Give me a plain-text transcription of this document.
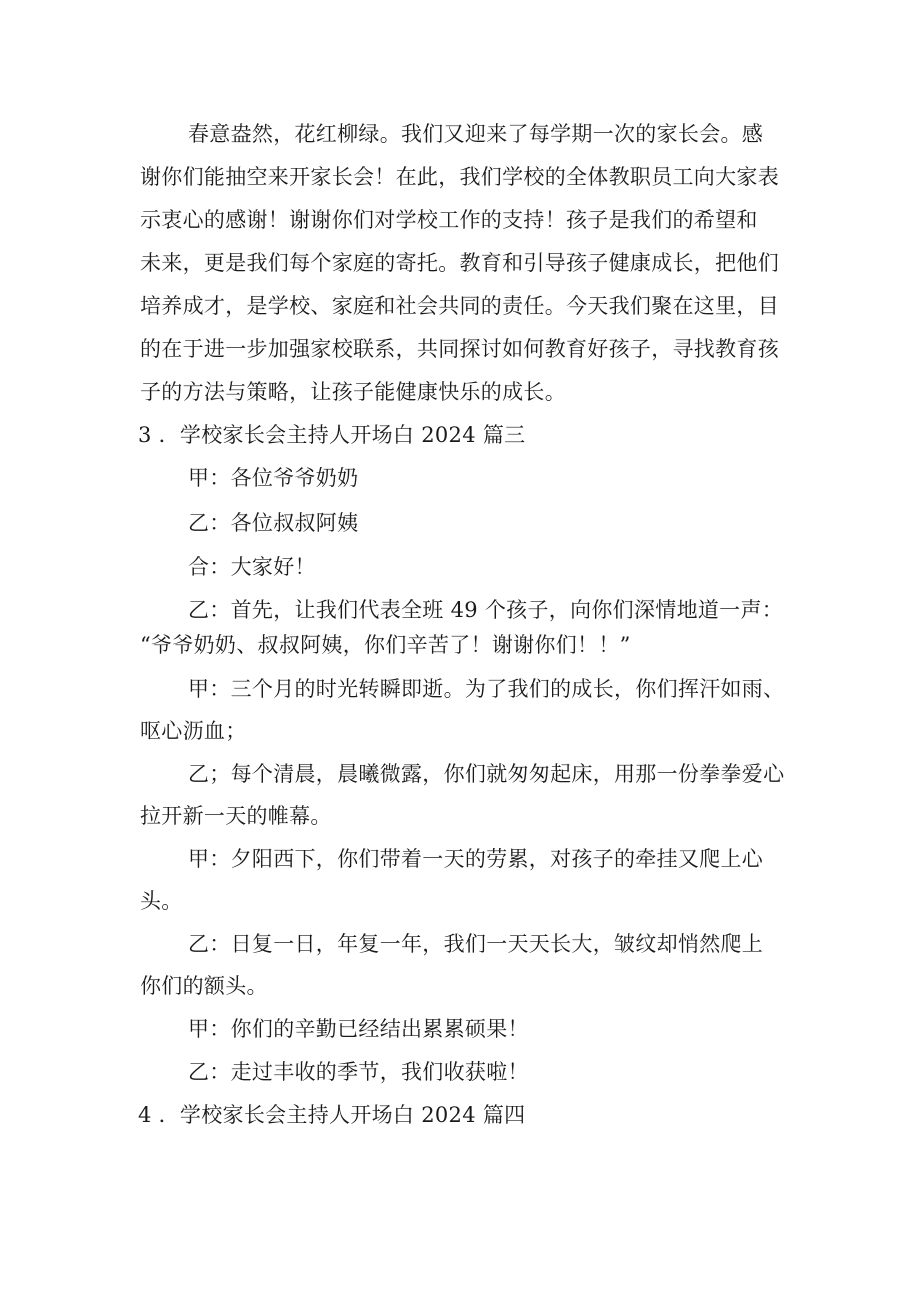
春意盎然，花红柳绿。我们又迎来了每学期一次的家长会。感

谢你们能抽空来开家长会！在此，我们学校的全体教职员工向大家表

示衷心的感谢！谢谢你们对学校工作的支持！孩子是我们的希望和

未来，更是我们每个家庭的寄托。教育和引导孩子健康成长，把他们

培养成才，是学校、家庭和社会共同的责任。今天我们聚在这里，目

的在于进一步加强家校联系，共同探讨如何教育好孩子，寻找教育孩

子的方法与策略，让孩子能健康快乐的成长。

3 ．学校家长会主持人开场白 2024 篇三

甲：各位爷爷奶奶

乙：各位叔叔阿姨

合：大家好！

乙：首先，让我们代表全班 49 个孩子，向你们深情地道一声：

“爷爷奶奶、叔叔阿姨，你们辛苦了！谢谢你们！！”

甲：三个月的时光转瞬即逝。为了我们的成长，你们挥汗如雨、

呕心沥血；

乙；每个清晨，晨曦微露，你们就匆匆起床，用那一份拳拳爱心

拉开新一天的帷幕。

甲：夕阳西下，你们带着一天的劳累，对孩子的牵挂又爬上心

头。

乙：日复一日，年复一年，我们一天天长大，皱纹却悄然爬上

你们的额头。

甲：你们的辛勤已经结出累累硕果！

乙：走过丰收的季节，我们收获啦！

4 ．学校家长会主持人开场白 2024 篇四
